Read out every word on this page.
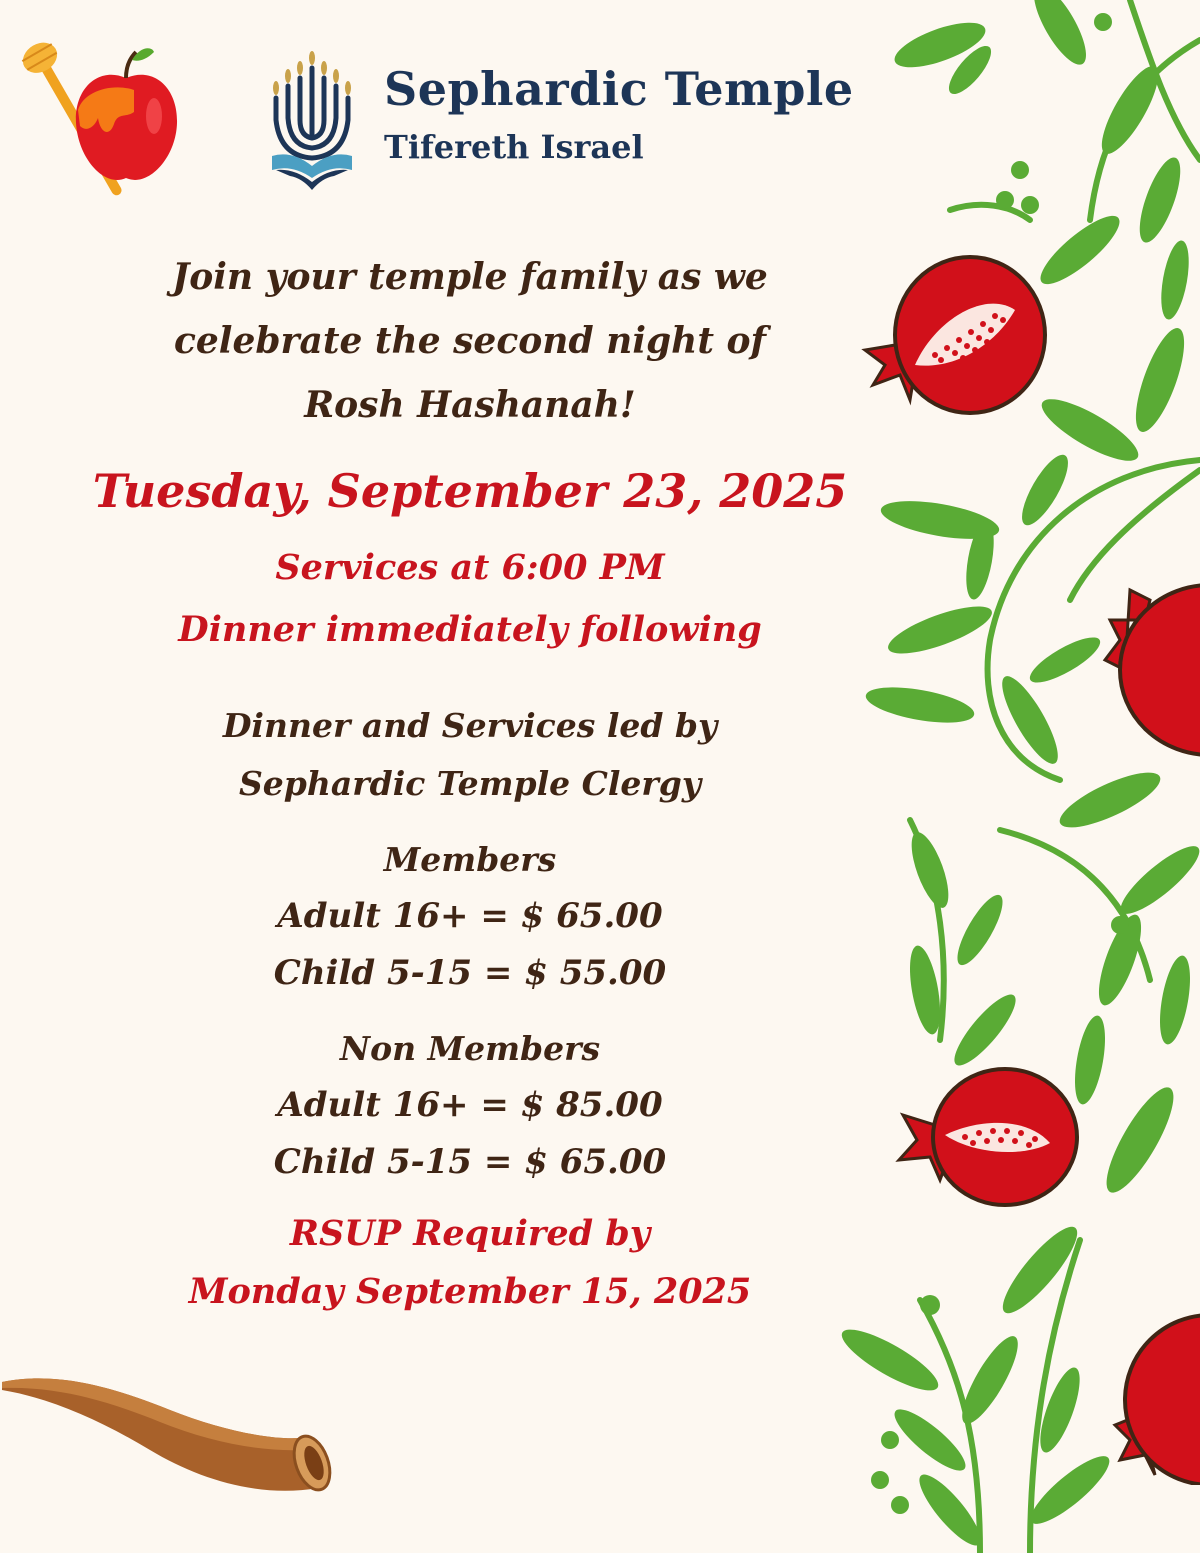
Sephardic Temple
Tifereth Israel
Join your temple family as we
celebrate the second night of
Rosh Hashanah!
Tuesday, September 23, 2025
Services at 6:00 PM
Dinner immediately following
Dinner and Services led by
Sephardic Temple Clergy
Members
Adult 16+ = $ 65.00
Child 5-15 = $ 55.00
Non Members
Adult 16+ = $ 85.00
Child 5-15 = $ 65.00
RSUP Required by
Monday September 15, 2025
